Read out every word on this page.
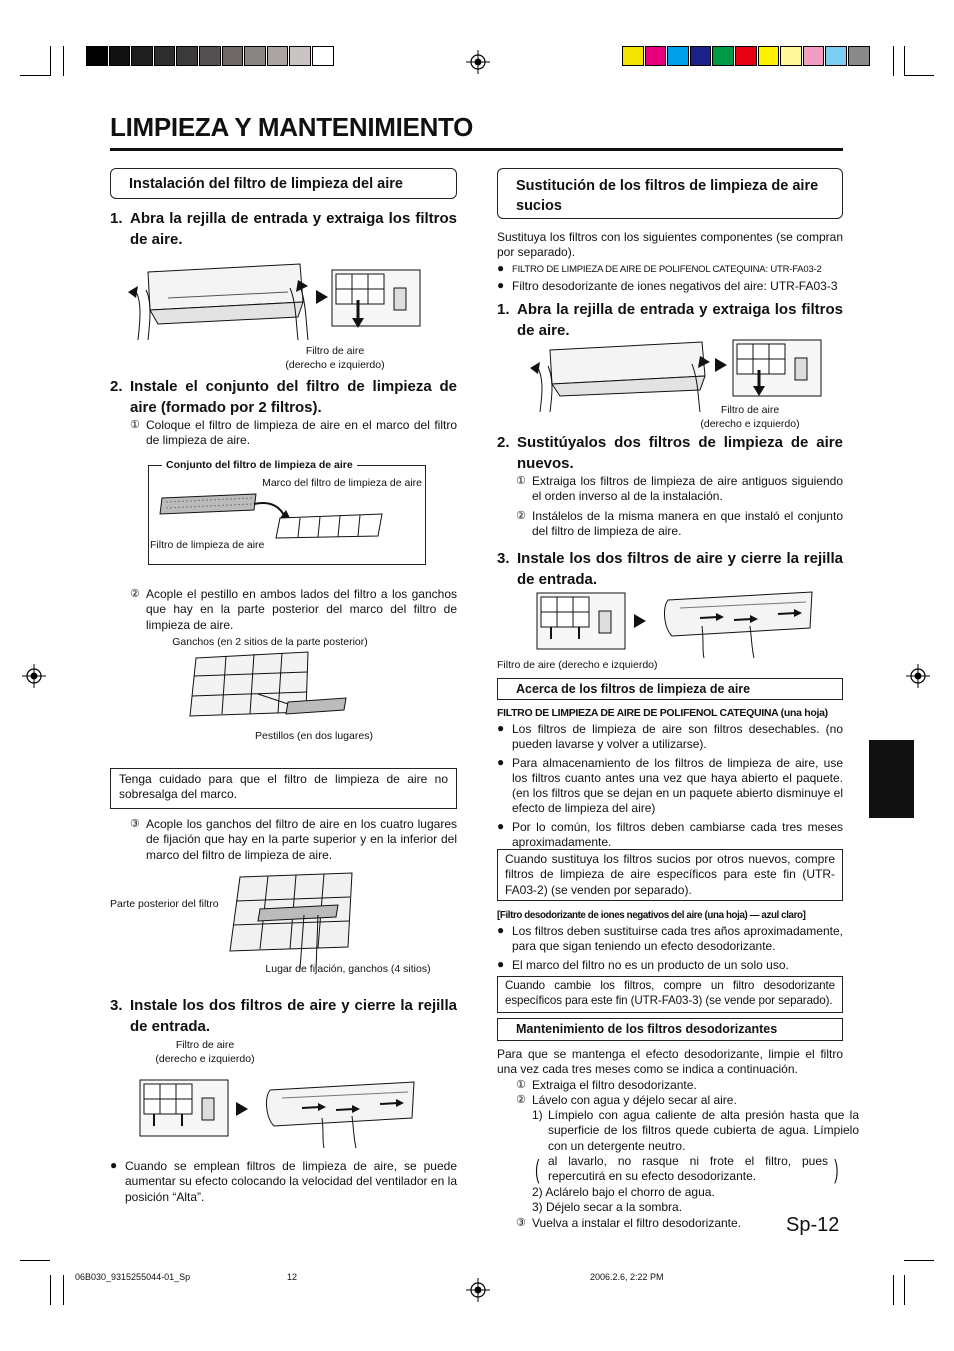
LIMPIEZA Y MANTENIMIENTO
Instalación del filtro de limpieza del aire
1. Abra la rejilla de entrada y extraiga los filtros de aire.
Filtro de aire
(derecho e izquierdo)
2. Instale el conjunto del filtro de limpieza de aire (formado por 2 filtros).
① Coloque el filtro de limpieza de aire en el marco del filtro de limpieza de aire.
Conjunto del filtro de limpieza de aire
Marco del filtro de limpieza de aire
Filtro de limpieza de aire
② Acople el pestillo en ambos lados del filtro a los ganchos que hay en la parte posterior del marco del filtro de limpieza de aire.
Ganchos (en 2 sitios de la parte posterior)
Pestillos (en dos lugares)
Tenga cuidado para que el filtro de limpieza de aire no sobresalga del marco.
③ Acople los ganchos del filtro de aire en los cuatro lugares de fijación que hay en la parte superior y en la inferior del marco del filtro de limpieza de aire.
Parte posterior del filtro
Lugar de fijación, ganchos (4 sitios)
3. Instale los dos filtros de aire y cierre la rejilla de entrada.
Filtro de aire
(derecho e izquierdo)
● Cuando se emplean filtros de limpieza de aire, se puede aumentar su efecto colocando la velocidad del ventilador en la posición “Alta”.
Sustitución de los filtros de limpieza de aire sucios
Sustituya los filtros con los siguientes componentes (se compran por separado).
● FILTRO DE LIMPIEZA DE AIRE DE POLIFENOL CATEQUINA: UTR-FA03-2
● Filtro desodorizante de iones negativos del aire: UTR-FA03-3
1. Abra la rejilla de entrada y extraiga los filtros de aire.
Filtro de aire
(derecho e izquierdo)
2. Sustitúyalos dos filtros de limpieza de aire nuevos.
① Extraiga los filtros de limpieza de aire antiguos siguiendo el orden inverso al de la instalación.
② Instálelos de la misma manera en que instaló el conjunto del filtro de limpieza de aire.
3. Instale los dos filtros de aire y cierre la rejilla de entrada.
Filtro de aire (derecho e izquierdo)
Acerca de los filtros de limpieza de aire
FILTRO DE LIMPIEZA DE AIRE DE POLIFENOL CATEQUINA (una hoja)
● Los filtros de limpieza de aire son filtros desechables. (no pueden lavarse y volver a utilizarse).
● Para almacenamiento de los filtros de limpieza de aire, use los filtros cuanto antes una vez que haya abierto el paquete. (en los filtros que se dejan en un paquete abierto disminuye el efecto de limpieza del aire)
● Por lo común, los filtros deben cambiarse cada tres meses aproximadamente.
Cuando sustituya los filtros sucios por otros nuevos, compre filtros de limpieza de aire específicos para este fin (UTR-FA03-2) (se venden por separado).
[Filtro desodorizante de iones negativos del aire (una hoja) — azul claro]
● Los filtros deben sustituirse cada tres años aproximadamente, para que sigan teniendo un efecto desodorizante.
● El marco del filtro no es un producto de un solo uso.
Cuando cambie los filtros, compre un filtro desodorizante específicos para este fin (UTR-FA03-3) (se vende por separado).
Mantenimiento de los filtros desodorizantes
Para que se mantenga el efecto desodorizante, limpie el filtro una vez cada tres meses como se indica a continuación.
① Extraiga el filtro desodorizante.
② Lávelo con agua y déjelo secar al aire.
1) Límpielo con agua caliente de alta presión hasta que la superficie de los filtros quede cubierta de agua. Límpielo con un detergente neutro.
( al lavarlo, no rasque ni frote el filtro, pues repercutirá en su efecto desodorizante.	)
2) Aclárelo bajo el chorro de agua.
3) Déjelo secar a la sombra.
③ Vuelva a instalar el filtro desodorizante.	Sp-12
06B030_9315255044-01_Sp	12	2006.2.6, 2:22 PM
